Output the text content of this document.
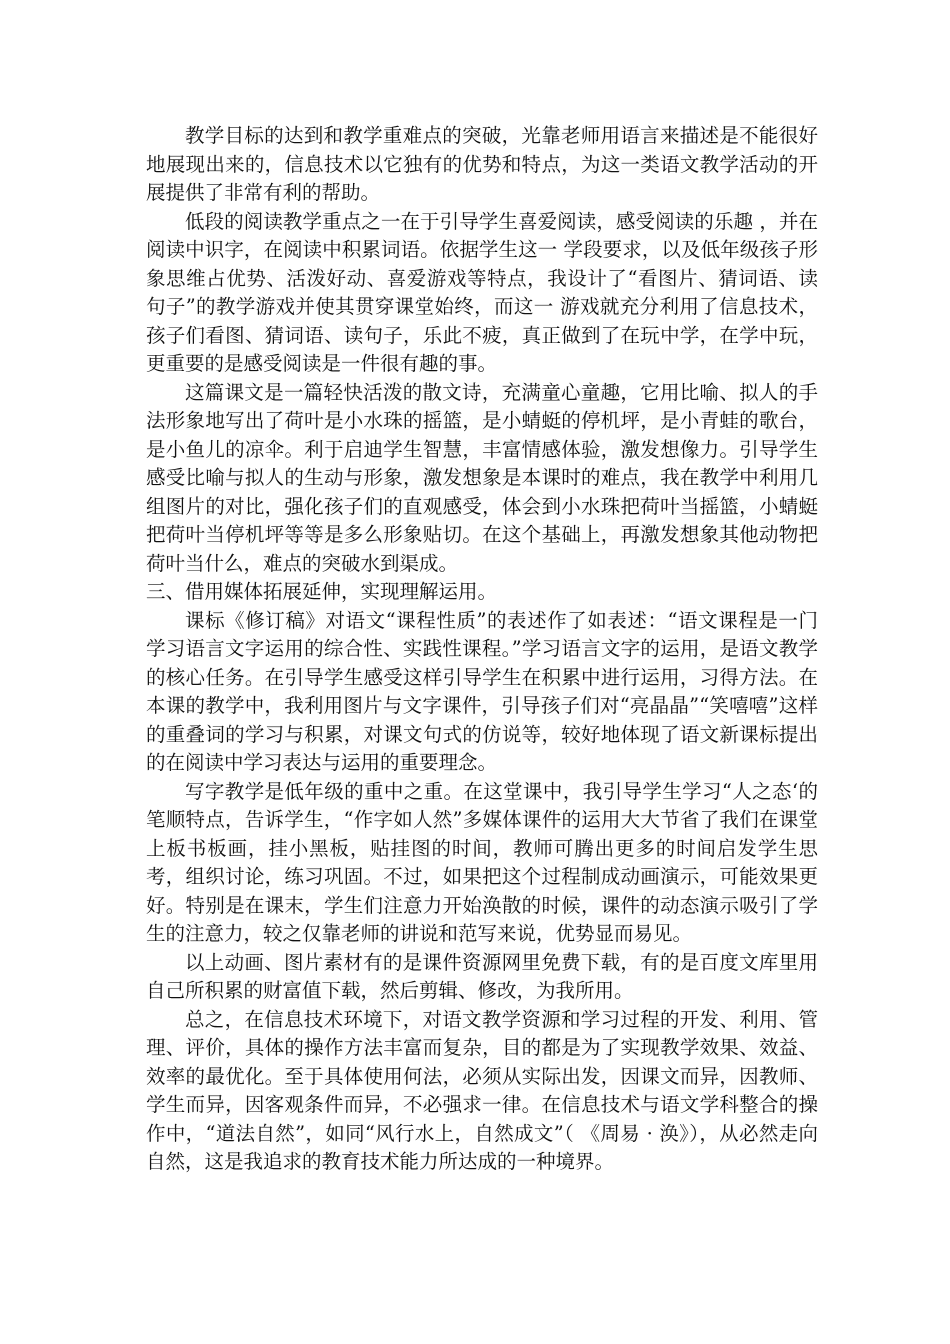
教学目标的达到和教学重难点的突破，光靠老师用语言来描述是不能很好地展现出来的，信息技术以它独有的优势和特点，为这一类语文教学活动的开展提供了非常有利的帮助。

低段的阅读教学重点之一在于引导学生喜爱阅读，感受阅读的乐趣 ，并在阅读中识字，在阅读中积累词语。依据学生这一 学段要求，以及低年级孩子形象思维占优势、活泼好动、喜爱游戏等特点，我设计了“看图片、猜词语、读句子”的教学游戏并使其贯穿课堂始终，而这一 游戏就充分利用了信息技术，孩子们看图、猜词语、读句子，乐此不疲，真正做到了在玩中学，在学中玩，更重要的是感受阅读是一件很有趣的事。

这篇课文是一篇轻快活泼的散文诗，充满童心童趣，它用比喻、拟人的手法形象地写出了荷叶是小水珠的摇篮，是小蜻蜓的停机坪，是小青蛙的歌台，是小鱼儿的凉伞。利于启迪学生智慧，丰富情感体验，激发想像力。引导学生感受比喻与拟人的生动与形象，激发想象是本课时的难点，我在教学中利用几组图片的对比，强化孩子们的直观感受，体会到小水珠把荷叶当摇篮，小蜻蜓把荷叶当停机坪等等是多么形象贴切。在这个基础上，再激发想象其他动物把荷叶当什么，难点的突破水到渠成。

三、借用媒体拓展延伸，实现理解运用。

课标《修订稿》对语文“课程性质”的表述作了如表述：“语文课程是一门学习语言文字运用的综合性、实践性课程。”学习语言文字的运用，是语文教学的核心任务。在引导学生感受这样引导学生在积累中进行运用，习得方法。在本课的教学中，我利用图片与文字课件，引导孩子们对“亮晶晶”“笑嘻嘻”这样的重叠词的学习与积累，对课文句式的仿说等，较好地体现了语文新课标提出的在阅读中学习表达与运用的重要理念。

写字教学是低年级的重中之重。在这堂课中，我引导学生学习“人之态‘的笔顺特点，告诉学生，“作字如人然”多媒体课件的运用大大节省了我们在课堂上板书板画，挂小黑板，贴挂图的时间，教师可腾出更多的时间启发学生思考，组织讨论，练习巩固。不过，如果把这个过程制成动画演示，可能效果更好。特别是在课末，学生们注意力开始涣散的时候，课件的动态演示吸引了学生的注意力，较之仅靠老师的讲说和范写来说，优势显而易见。

以上动画、图片素材有的是课件资源网里免费下载，有的是百度文库里用自己所积累的财富值下载，然后剪辑、修改，为我所用。

总之，在信息技术环境下，对语文教学资源和学习过程的开发、利用、管理、评价，具体的操作方法丰富而复杂，目的都是为了实现教学效果、效益、效率的最优化。至于具体使用何法，必须从实际出发，因课文而异，因教师、学生而异，因客观条件而异，不必强求一律。在信息技术与语文学科整合的操作中，“道法自然”，如同“风行水上，自然成文”（ 《周易 · 涣》），从必然走向自然，这是我追求的教育技术能力所达成的一种境界。
